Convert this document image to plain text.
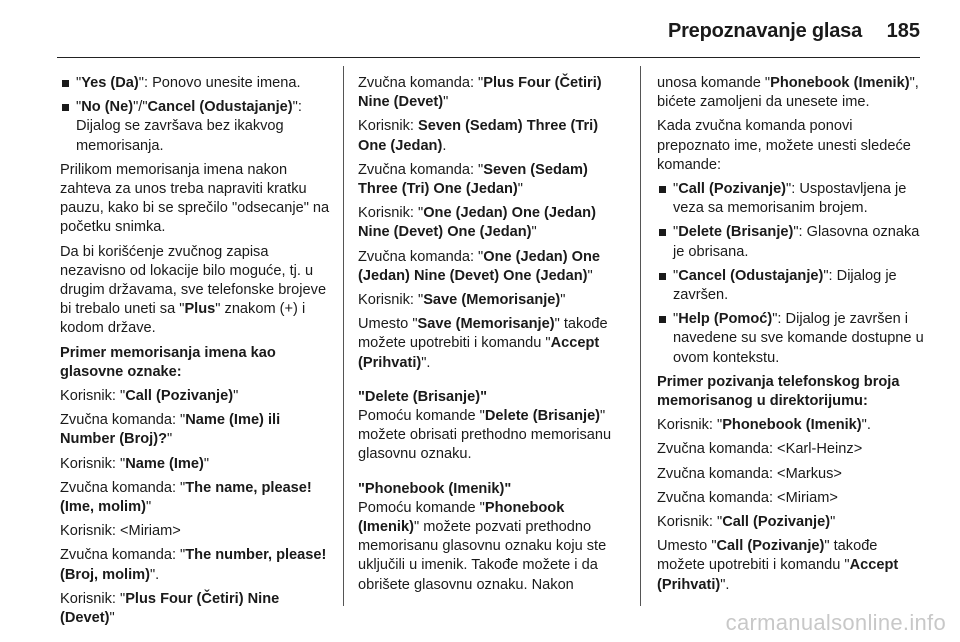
Prepoznavanje glasa 185
"Yes (Da)": Ponovo unesite imena.
"No (Ne)"/"Cancel (Odustajanje)": Dijalog se završava bez ikakvog memorisanja.

Prilikom memorisanja imena nakon zahteva za unos treba napraviti kratku pauzu, kako bi se sprečilo "odsecanje" na početku snimka.

Da bi korišćenje zvučnog zapisa nezavisno od lokacije bilo moguće, tj. u drugim državama, sve telefonske brojeve bi trebalo uneti sa "Plus" znakom (+) i kodom države.

Primer memorisanja imena kao glasovne oznake:

Korisnik: "Call (Pozivanje)"

Zvučna komanda: "Name (Ime) ili Number (Broj)?"

Korisnik: "Name (Ime)"

Zvučna komanda: "The name, please! (Ime, molim)"

Korisnik: <Miriam>

Zvučna komanda: "The number, please! (Broj, molim)".

Korisnik: "Plus Four (Četiri) Nine (Devet)"

Zvučna komanda: "Plus Four (Četiri) Nine (Devet)"

Korisnik: Seven (Sedam) Three (Tri) One (Jedan).

Zvučna komanda: "Seven (Sedam) Three (Tri) One (Jedan)"

Korisnik: "One (Jedan) One (Jedan) Nine (Devet) One (Jedan)"

Zvučna komanda: "One (Jedan) One (Jedan) Nine (Devet) One (Jedan)"

Korisnik: "Save (Memorisanje)"

Umesto "Save (Memorisanje)" takođe možete upotrebiti i komandu "Accept (Prihvati)".

"Delete (Brisanje)"

Pomoću komande "Delete (Brisanje)" možete obrisati prethodno memorisanu glasovnu oznaku.

"Phonebook (Imenik)"

Pomoću komande "Phonebook (Imenik)" možete pozvati prethodno memorisanu glasovnu oznaku koju ste uključili u imenik. Takođe možete i da obrišete glasovnu oznaku. Nakon

unosa komande "Phonebook (Imenik)", bićete zamoljeni da unesete ime.

Kada zvučna komanda ponovi prepoznato ime, možete unesti sledeće komande:

"Call (Pozivanje)": Uspostavljena je veza sa memorisanim brojem.
"Delete (Brisanje)": Glasovna oznaka je obrisana.
"Cancel (Odustajanje)": Dijalog je završen.
"Help (Pomoć)": Dijalog je završen i navedene su sve komande dostupne u ovom kontekstu.

Primer pozivanja telefonskog broja memorisanog u direktorijumu:

Korisnik: "Phonebook (Imenik)".

Zvučna komanda: <Karl-Heinz>

Zvučna komanda: <Markus>

Zvučna komanda: <Miriam>

Korisnik: "Call (Pozivanje)"

Umesto "Call (Pozivanje)" takođe možete upotrebiti i komandu "Accept (Prihvati)".

carmanualsonline.info
